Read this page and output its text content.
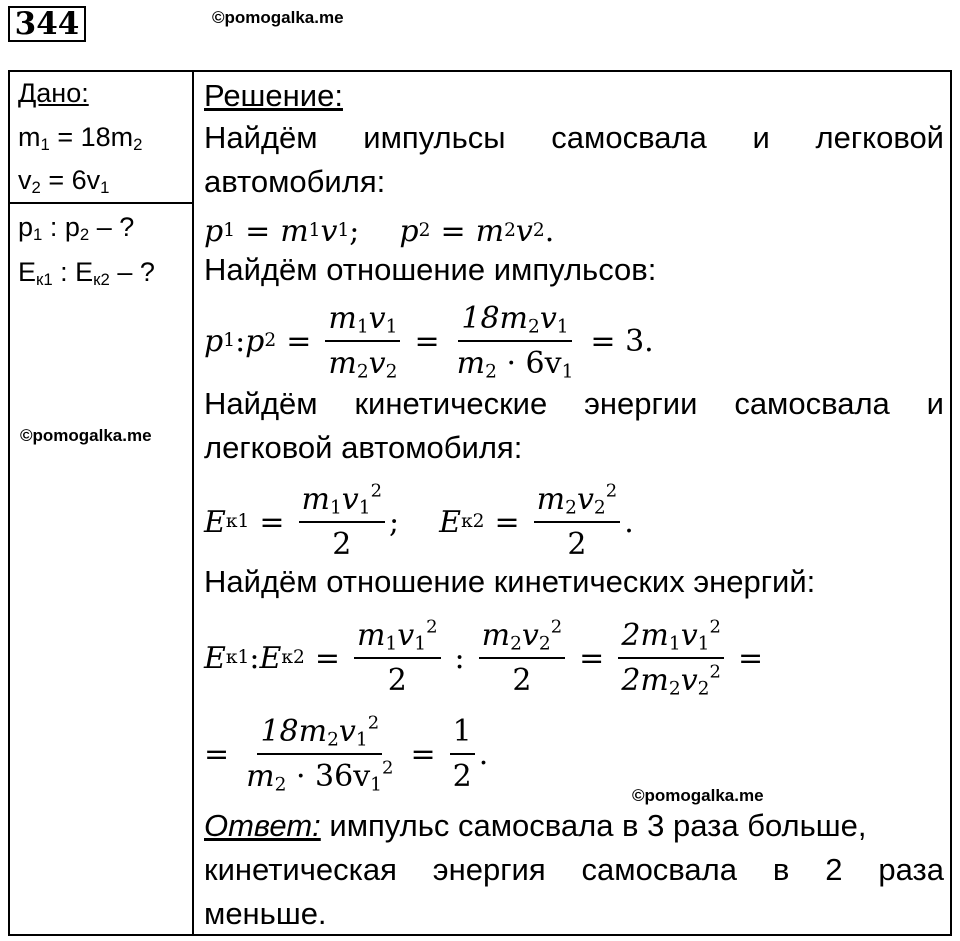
344	©pomogalka.me
Дано:
$m_1 = 18m_2$
$v_2 = 6v_1$
$p_1$ : $p_2$ – ?
$E_{к1}$ : $E_{к2}$ – ?
©pomogalka.me
Решение:
Найдём импульсы самосвала и легковой
автомобиля:
p 1 = m 1 v 1 ; p 2 = m 2 v 2 .
Найдём отношение импульсов:
p 1 : p $2 = \frac{m_1v_1}{m_2v_2} = \frac{18m_2v_1}{m_2 \cdot 6v_1} = 3$.
Найдём кинетические энергии самосвала и
легковой автомобиля:
E $к1 = \frac{m_1v_1^2}{2}$ ; E $к2 = \frac{m_2v_2^2}{2}$ .
Найдём отношение кинетических энергий:
E к1 : E $к2 = \frac{m_1v_1^2}{2}$ : $\frac{m_2v_2^2}{2} = \frac{2m_1v_1^2}{2m_2v_2^2}$ =
= $\frac{18m_2v_1^2}{m_2 \cdot 36v_1^2} = \frac{1}{2}$ .
©pomogalka.me
Ответ: импульс самосвала в 3 раза больше,
кинетическая энергия самосвала в 2 раза
меньше.
